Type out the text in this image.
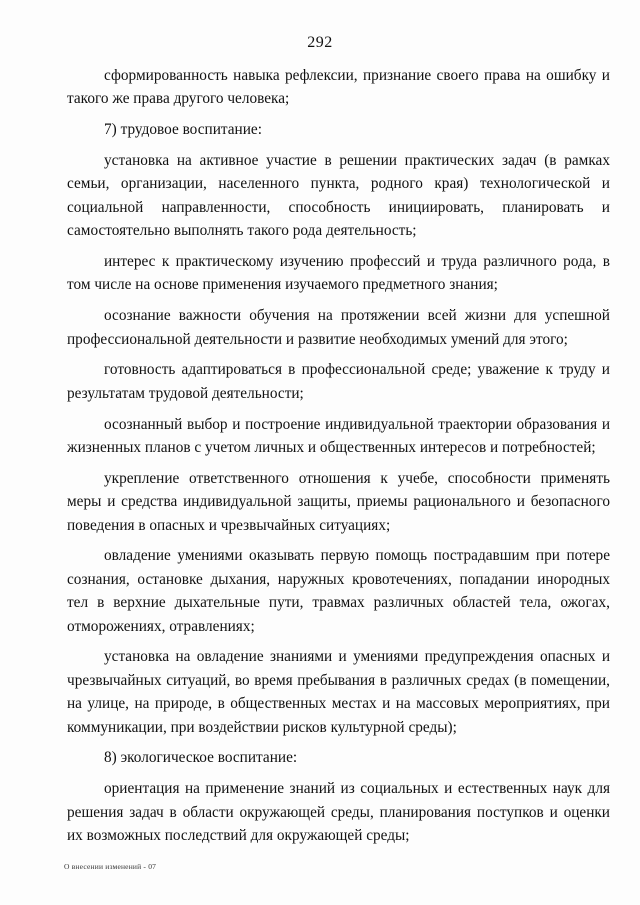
292

сформированность навыка рефлексии, признание своего права на ошибку и такого же права другого человека;

7) трудовое воспитание:

установка на активное участие в решении практических задач (в рамках семьи, организации, населенного пункта, родного края) технологической и социальной направленности, способность инициировать, планировать и самостоятельно выполнять такого рода деятельность;

интерес к практическому изучению профессий и труда различного рода, в том числе на основе применения изучаемого предметного знания;

осознание важности обучения на протяжении всей жизни для успешной профессиональной деятельности и развитие необходимых умений для этого;

готовность адаптироваться в профессиональной среде; уважение к труду и результатам трудовой деятельности;

осознанный выбор и построение индивидуальной траектории образования и жизненных планов с учетом личных и общественных интересов и потребностей;

укрепление ответственного отношения к учебе, способности применять меры и средства индивидуальной защиты, приемы рационального и безопасного поведения в опасных и чрезвычайных ситуациях;

овладение умениями оказывать первую помощь пострадавшим при потере сознания, остановке дыхания, наружных кровотечениях, попадании инородных тел в верхние дыхательные пути, травмах различных областей тела, ожогах, отморожениях, отравлениях;

установка на овладение знаниями и умениями предупреждения опасных и чрезвычайных ситуаций, во время пребывания в различных средах (в помещении, на улице, на природе, в общественных местах и на массовых мероприятиях, при коммуникации, при воздействии рисков культурной среды);

8) экологическое воспитание:

ориентация на применение знаний из социальных и естественных наук для решения задач в области окружающей среды, планирования поступков и оценки их возможных последствий для окружающей среды;

О внесении изменений - 07
